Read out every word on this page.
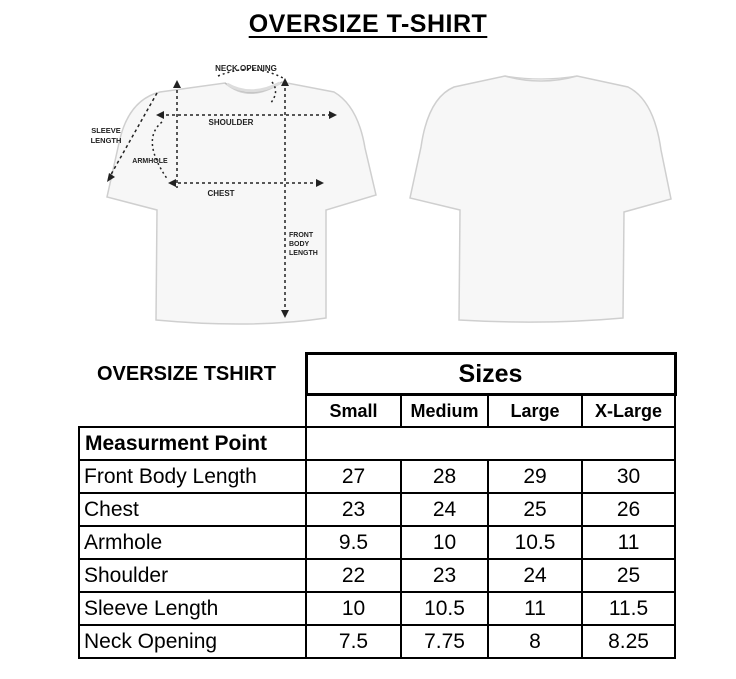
OVERSIZE T-SHIRT
NECK OPENING
SHOULDER
SLEEVE
LENGTH
ARMHOLE
CHEST
FRONT
BODY
LENGTH
OVERSIZE TSHIRT	Sizes			
	Small	Medium	Large	X-Large
Measurment Point				
Front Body Length	27	28	29	30
Chest	23	24	25	26
Armhole	9.5	10	10.5	11
Shoulder	22	23	24	25
Sleeve Length	10	10.5	11	11.5
Neck Opening	7.5	7.75	8	8.25
